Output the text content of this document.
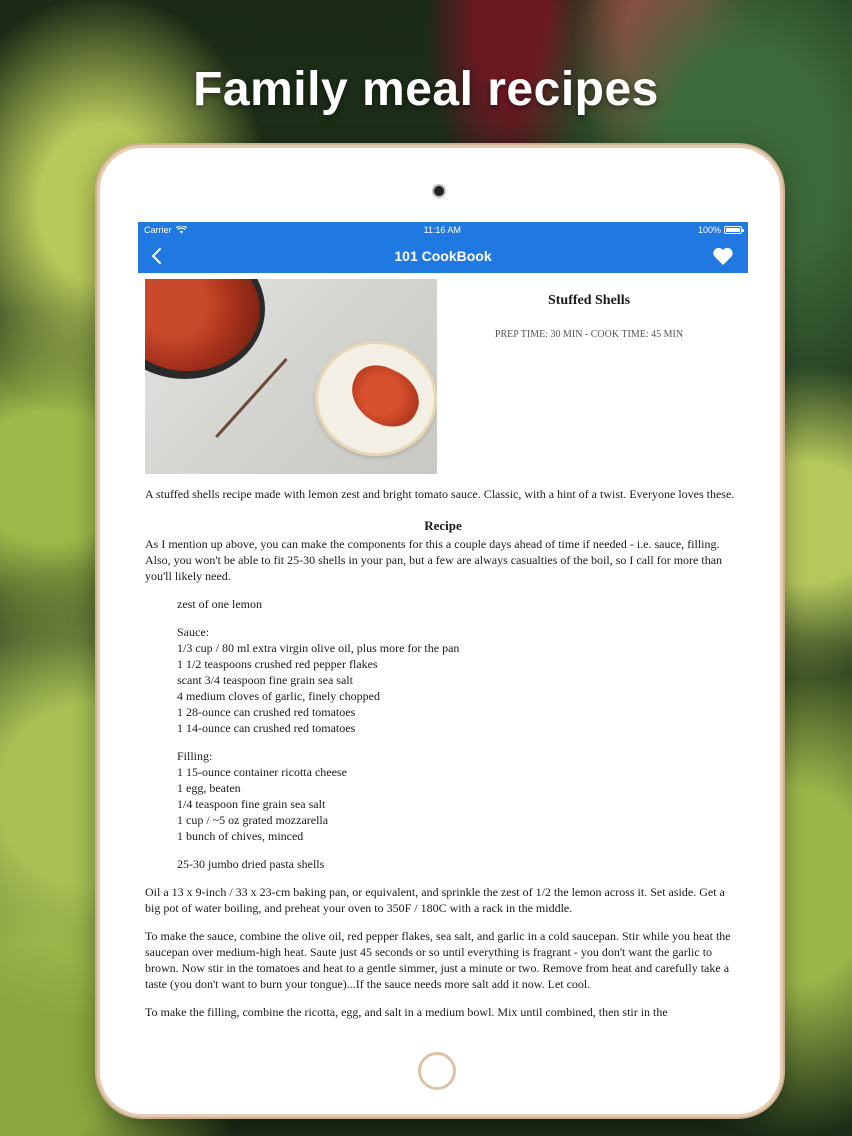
Family meal recipes
Carrier	11:16 AM	100%
101 CookBook
Stuffed Shells
PREP TIME: 30 MIN - COOK TIME: 45 MIN

A stuffed shells recipe made with lemon zest and bright tomato sauce. Classic, with a hint of a twist. Everyone loves these.

Recipe

As I mention up above, you can make the components for this a couple days ahead of time if needed - i.e. sauce, filling. Also, you won't be able to fit 25-30 shells in your pan, but a few are always casualties of the boil, so I call for more than you'll likely need.

zest of one lemon
Sauce:
1/3 cup / 80 ml extra virgin olive oil, plus more for the pan
1 1/2 teaspoons crushed red pepper flakes
scant 3/4 teaspoon fine grain sea salt
4 medium cloves of garlic, finely chopped
1 28-ounce can crushed red tomatoes
1 14-ounce can crushed red tomatoes
Filling:
1 15-ounce container ricotta cheese
1 egg, beaten
1/4 teaspoon fine grain sea salt
1 cup / ~5 oz grated mozzarella
1 bunch of chives, minced
25-30 jumbo dried pasta shells

Oil a 13 x 9-inch / 33 x 23-cm baking pan, or equivalent, and sprinkle the zest of 1/2 the lemon across it. Set aside. Get a big pot of water boiling, and preheat your oven to 350F / 180C with a rack in the middle.

To make the sauce, combine the olive oil, red pepper flakes, sea salt, and garlic in a cold saucepan. Stir while you heat the saucepan over medium-high heat. Saute just 45 seconds or so until everything is fragrant - you don't want the garlic to brown. Now stir in the tomatoes and heat to a gentle simmer, just a minute or two. Remove from heat and carefully take a taste (you don't want to burn your tongue)...If the sauce needs more salt add it now. Let cool.

To make the filling, combine the ricotta, egg, and salt in a medium bowl. Mix until combined, then stir in the
